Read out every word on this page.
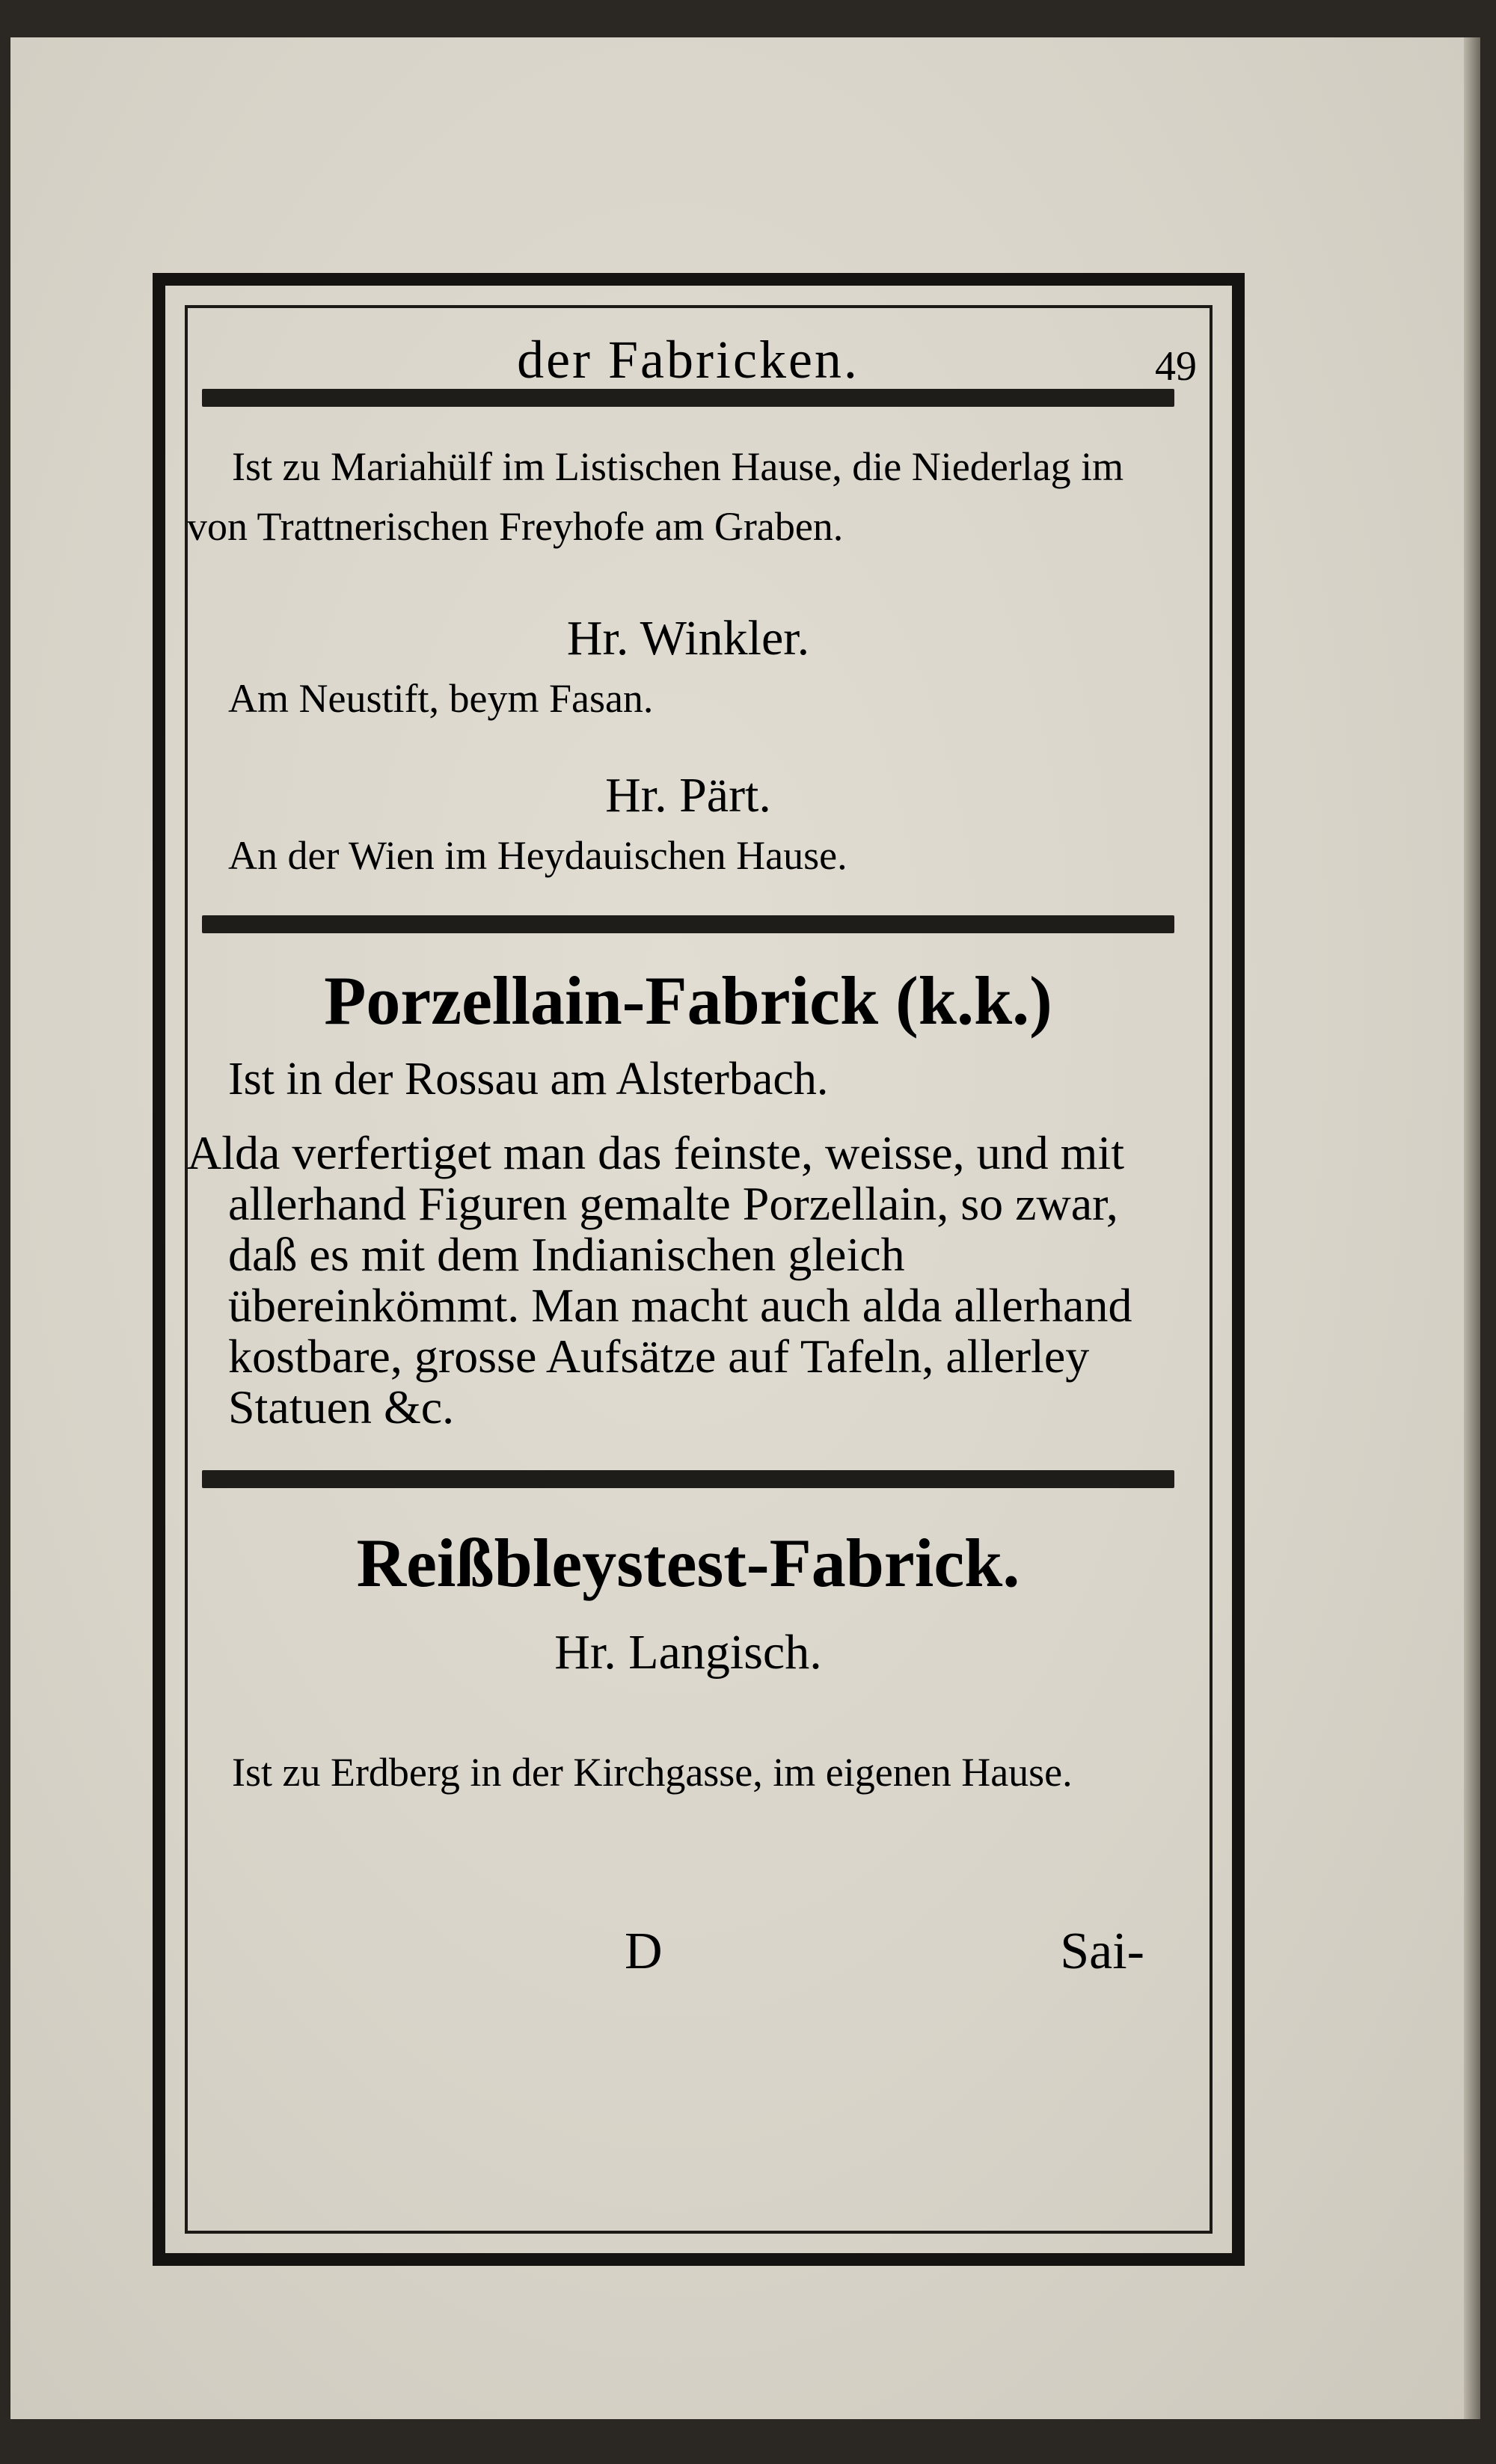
der Fabricken.	49
Ist zu Mariahülf im Listischen Hause, die Niederlag im von Trattnerischen Freyhofe am Graben.
Hr. Winkler.
Am Neustift, beym Fasan.
Hr. Pärt.
An der Wien im Heydauischen Hause.
Porzellain-Fabrick (k.k.)
Ist in der Rossau am Alsterbach.
Alda verfertiget man das feinste, weisse, und mit allerhand Figuren gemalte Porzellain, so zwar, daß es mit dem Indianischen gleich übereinkömmt. Man macht auch alda allerhand kostbare, grosse Aufsätze auf Tafeln, allerley Statuen &c.
Reißbleystest-Fabrick.
Hr. Langisch.
Ist zu Erdberg in der Kirchgasse, im eigenen Hause.
D	Sai-
